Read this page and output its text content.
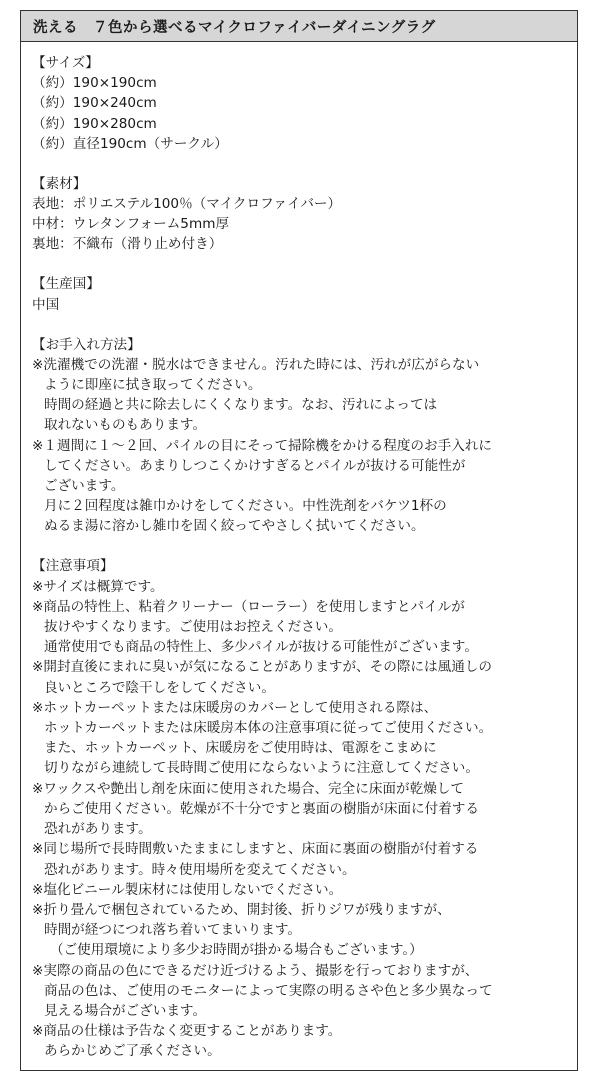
洗える　７色から選べるマイクロファイバーダイニングラグ
【サイズ】
（約）190×190cm
（約）190×240cm
（約）190×280cm
（約）直径190cm（サークル）
【素材】
表地：ポリエステル100％（マイクロファイバー）
中材：ウレタンフォーム5mm厚
裏地：不織布（滑り止め付き）
【生産国】
中国
【お手入れ方法】
※洗濯機での洗濯・脱水はできません。汚れた時には、汚れが広がらない
ように即座に拭き取ってください。
時間の経過と共に除去しにくくなります。なお、汚れによっては
取れないものもあります。
※１週間に１～２回、パイルの目にそって掃除機をかける程度のお手入れに
してください。あまりしつこくかけすぎるとパイルが抜ける可能性が
ございます。
月に２回程度は雑巾かけをしてください。中性洗剤をバケツ1杯の
ぬるま湯に溶かし雑巾を固く絞ってやさしく拭いてください。
【注意事項】
※サイズは概算です。
※商品の特性上、粘着クリーナー（ローラー）を使用しますとパイルが
抜けやすくなります。ご使用はお控えください。
通常使用でも商品の特性上、多少パイルが抜ける可能性がございます。
※開封直後にまれに臭いが気になることがありますが、その際には風通しの
良いところで陰干しをしてください。
※ホットカーペットまたは床暖房のカバーとして使用される際は、
ホットカーペットまたは床暖房本体の注意事項に従ってご使用ください。
また、ホットカーペット、床暖房をご使用時は、電源をこまめに
切りながら連続して長時間ご使用にならないように注意してください。
※ワックスや艶出し剤を床面に使用された場合、完全に床面が乾燥して
からご使用ください。乾燥が不十分ですと裏面の樹脂が床面に付着する
恐れがあります。
※同じ場所で長時間敷いたままにしますと、床面に裏面の樹脂が付着する
恐れがあります。時々使用場所を変えてください。
※塩化ビニール製床材には使用しないでください。
※折り畳んで梱包されているため、開封後、折りジワが残りますが、
時間が経つにつれ落ち着いてまいります。
（ご使用環境により多少お時間が掛かる場合もございます。）
※実際の商品の色にできるだけ近づけるよう、撮影を行っておりますが、
商品の色は、ご使用のモニターによって実際の明るさや色と多少異なって
見える場合がございます。
※商品の仕様は予告なく変更することがあります。
あらかじめご了承ください。
